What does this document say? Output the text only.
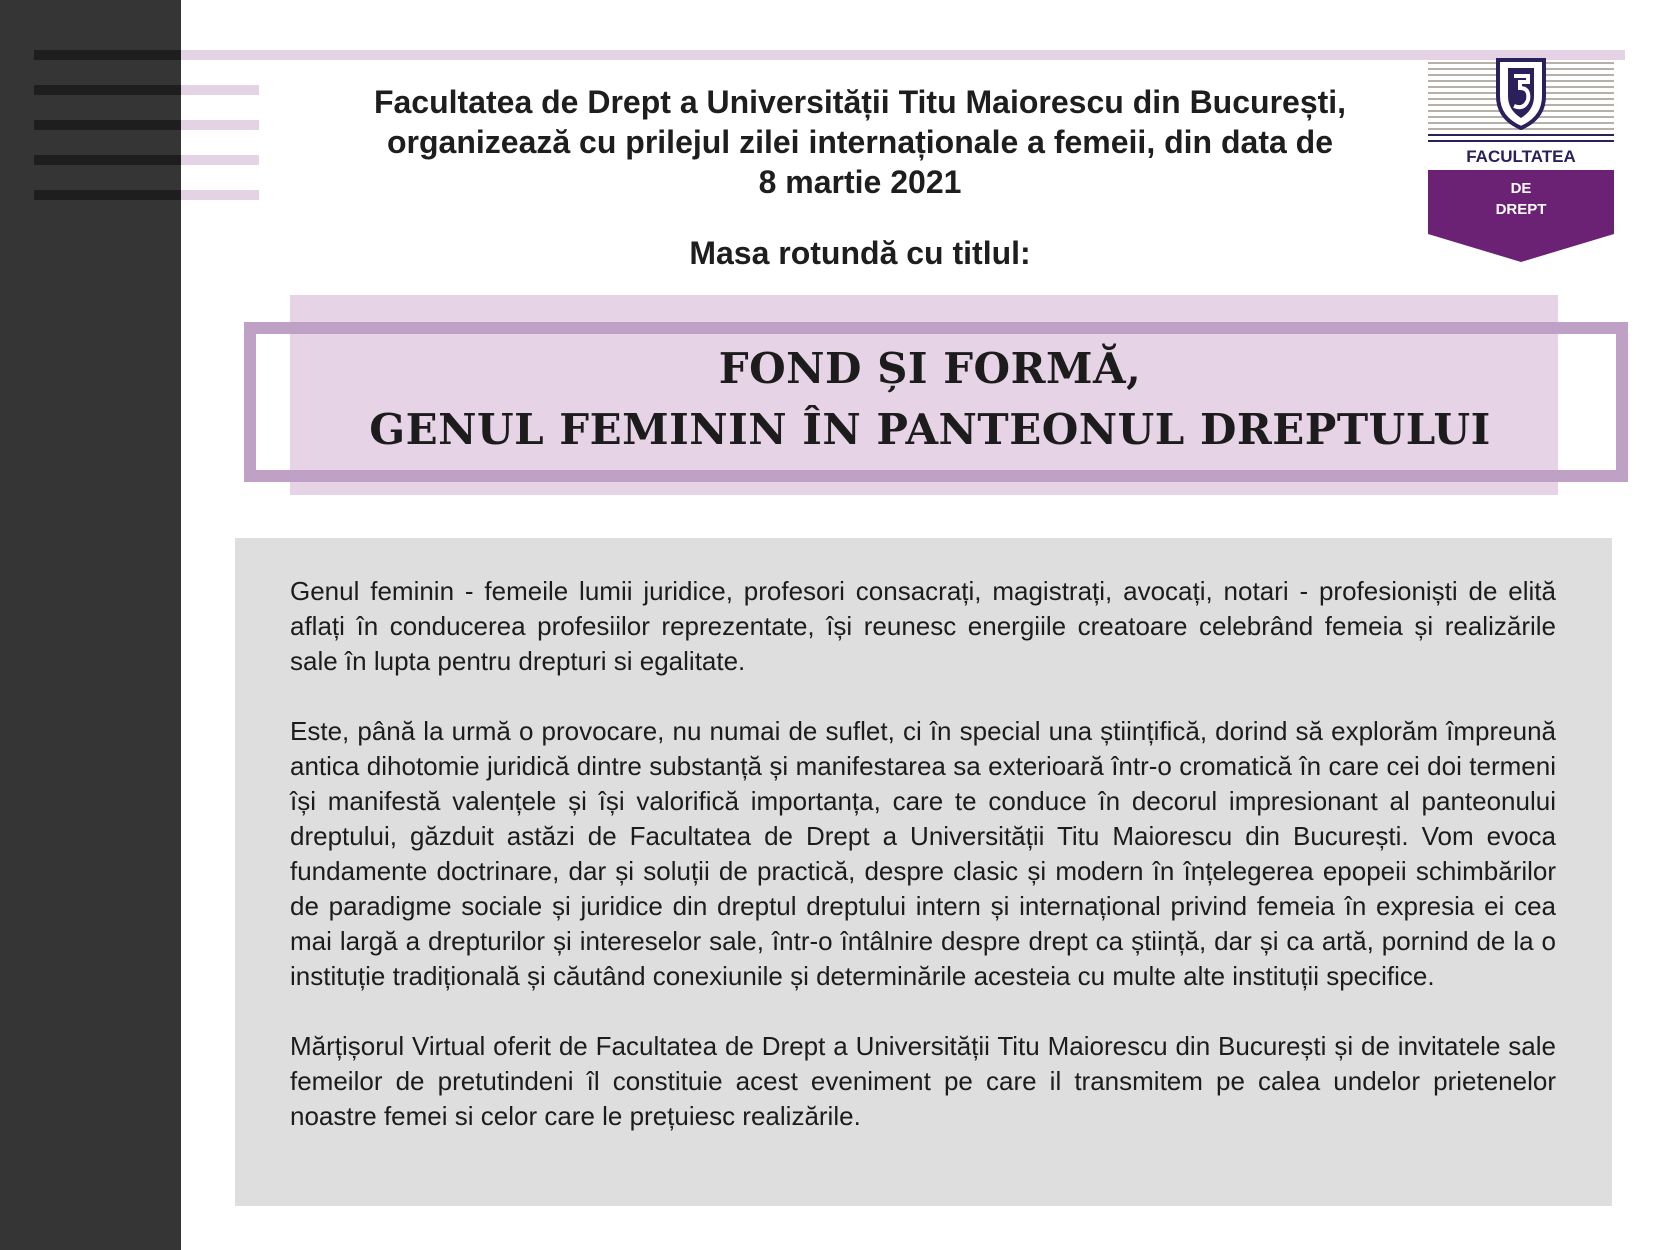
Facultatea de Drept a Universității Titu Maiorescu din București,
organizează cu prilejul zilei internaționale a femeii, din data de
8 martie 2021
Masa rotundă cu titlul:
FACULTATEA
DE
DREPT
FOND ȘI FORMĂ,
GENUL FEMININ ÎN PANTEONUL DREPTULUI

Genul feminin - femeile lumii juridice, profesori consacrați, magistrați, avocați, notari - profesioniști de elită aflați în conducerea profesiilor reprezentate, își reunesc energiile creatoare celebrând femeia și realizările sale în lupta pentru drepturi si egalitate.

Este, până la urmă o provocare, nu numai de suflet, ci în special una științifică, dorind să explorăm împreună antica dihotomie juridică dintre substanță și manifestarea sa exterioară într-o cromatică în care cei doi termeni își manifestă valențele și își valorifică importanța, care te conduce în decorul impresionant al panteonului dreptului, găzduit astăzi de Facultatea de Drept a Universității Titu Maiorescu din București. Vom evoca fundamente doctrinare, dar și soluții de practică, despre clasic și modern în înțelegerea epopeii schimbărilor de paradigme sociale și juridice din dreptul dreptului intern și internațional privind femeia în expresia ei cea mai largă a drepturilor și intereselor sale, într-o întâlnire despre drept ca știință, dar și ca artă, pornind de la o instituție tradițională și căutând conexiunile și determinările acesteia cu multe alte instituții specifice.

Mărțișorul Virtual oferit de Facultatea de Drept a Universității Titu Maiorescu din București și de invitatele sale femeilor de pretutindeni îl constituie acest eveniment pe care il transmitem pe calea undelor prietenelor noastre femei si celor care le prețuiesc realizările.
